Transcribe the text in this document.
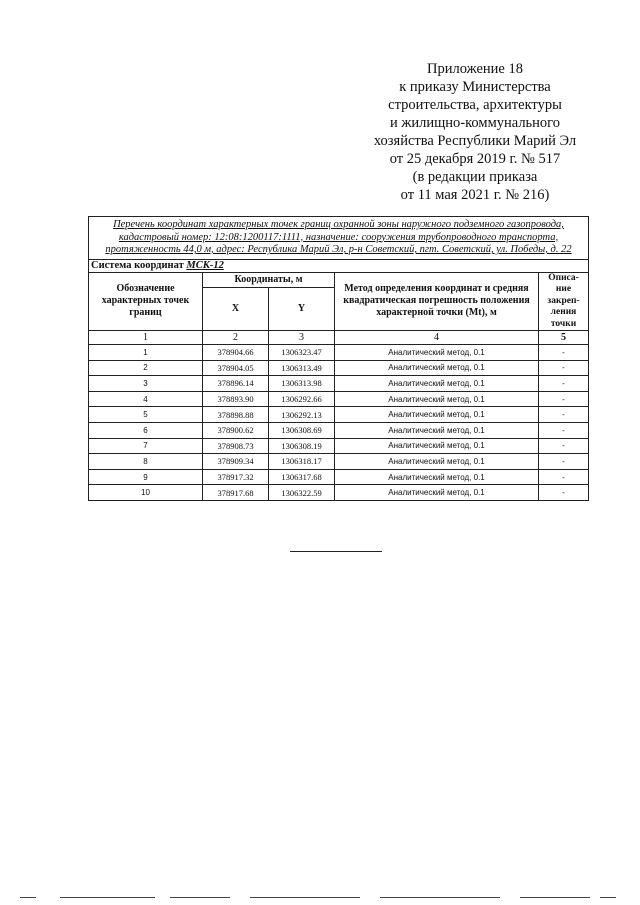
Приложение 18
к приказу Министерства
строительства, архитектуры
и жилищно-коммунального
хозяйства Республики Марий Эл
от 25 декабря 2019 г. № 517
(в редакции приказа
от 11 мая 2021 г. № 216)
Перечень координат характерных точек границ охранной зоны наружного подземного газопровода, кадастровый номер: 12:08:1200117:1111, назначение: сооружения трубопроводного транспорта, протяженность 44,0 м, адрес: Республика Марий Эл, р-н Советский, пгт. Советский, ул. Победы, д. 22				
Система координат МСК-12				
Обозначение характерных точек границ	Координаты, м		Метод определения координат и средняя квадратическая погрешность положения характерной точки (Mt), м	Описа-ние закреп-ления точки
	X	Y		
1	2	3	4	5
1	378904.66	1306323.47	Аналитический метод, 0.1	-
2	378904.05	1306313.49	Аналитический метод, 0.1	-
3	378896.14	1306313.98	Аналитический метод, 0.1	-
4	378893.90	1306292.66	Аналитический метод, 0.1	-
5	378898.88	1306292.13	Аналитический метод, 0.1	-
6	378900.62	1306308.69	Аналитический метод, 0.1	-
7	378908.73	1306308.19	Аналитический метод, 0.1	-
8	378909.34	1306318.17	Аналитический метод, 0.1	-
9	378917.32	1306317.68	Аналитический метод, 0.1	-
10	378917.68	1306322.59	Аналитический метод, 0.1	-
